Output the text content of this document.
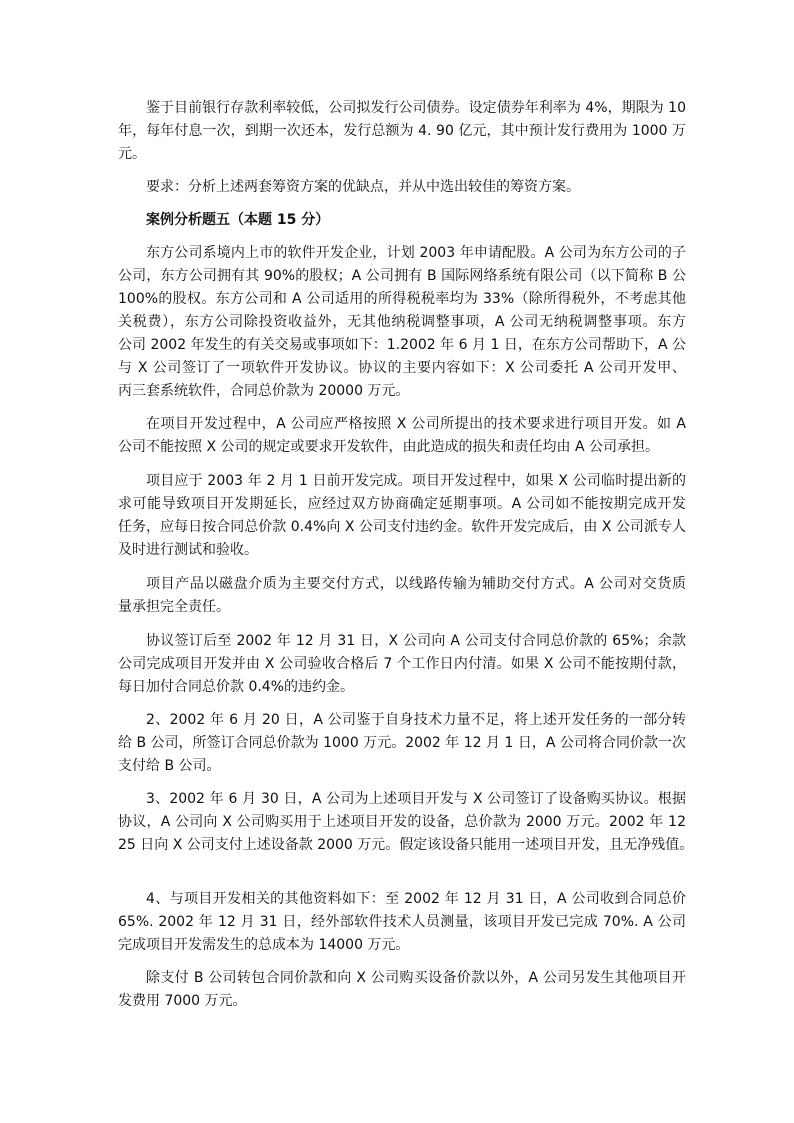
鉴于目前银行存款利率较低，公司拟发行公司债券。设定债券年利率为 4%，期限为 10
年，每年付息一次，到期一次还本，发行总额为 4. 90 亿元，其中预计发行费用为 1000 万
元。
要求：分析上述两套筹资方案的优缺点，并从中选出较佳的筹资方案。
案例分析题五（本题 15 分）
东方公司系境内上市的软件开发企业，计划 2003 年申请配股。A 公司为东方公司的子
公司，东方公司拥有其 90%的股权；A 公司拥有 B 国际网络系统有限公司（以下简称 B 公
100%的股权。东方公司和 A 公司适用的所得税税率均为 33%（除所得税外，不考虑其他
关税费），东方公司除投资收益外，无其他纳税调整事项，A 公司无纳税调整事项。东方
公司 2002 年发生的有关交易或事项如下：1.2002 年 6 月 1 日，在东方公司帮助下，A 公
与 X 公司签订了一项软件开发协议。协议的主要内容如下：X 公司委托 A 公司开发甲、
丙三套系统软件，合同总价款为 20000 万元。
在项目开发过程中，A 公司应严格按照 X 公司所提出的技术要求进行项目开发。如 A
公司不能按照 X 公司的规定或要求开发软件，由此造成的损失和责任均由 A 公司承担。
项目应于 2003 年 2 月 1 日前开发完成。项目开发过程中，如果 X 公司临时提出新的
求可能导致项目开发期延长，应经过双方协商确定延期事项。A 公司如不能按期完成开发
任务，应每日按合同总价款 0.4%向 X 公司支付违约金。软件开发完成后，由 X 公司派专人
及时进行测试和验收。
项目产品以磁盘介质为主要交付方式，以线路传输为辅助交付方式。A 公司对交货质
量承担完全责任。
协议签订后至 2002 年 12 月 31 日，X 公司向 A 公司支付合同总价款的 65%；余款
公司完成项目开发并由 X 公司验收合格后 7 个工作日内付清。如果 X 公司不能按期付款，
每日加付合同总价款 0.4%的违约金。
2、2002 年 6 月 20 日，A 公司鉴于自身技术力量不足，将上述开发任务的一部分转
给 B 公司，所签订合同总价款为 1000 万元。2002 年 12 月 1 日，A 公司将合同价款一次
支付给 B 公司。
3、2002 年 6 月 30 日，A 公司为上述项目开发与 X 公司签订了设备购买协议。根据
协议，A 公司向 X 公司购买用于上述项目开发的设备，总价款为 2000 万元。2002 年 12
25 日向 X 公司支付上述设备款 2000 万元。假定该设备只能用一述项目开发，且无净残值。
4、与项目开发相关的其他资料如下：至 2002 年 12 月 31 日，A 公司收到合同总价
65%. 2002 年 12 月 31 日，经外部软件技术人员测量，该项目开发已完成 70%. A 公司
完成项目开发需发生的总成本为 14000 万元。
除支付 B 公司转包合同价款和向 X 公司购买设备价款以外，A 公司另发生其他项目开
发费用 7000 万元。
